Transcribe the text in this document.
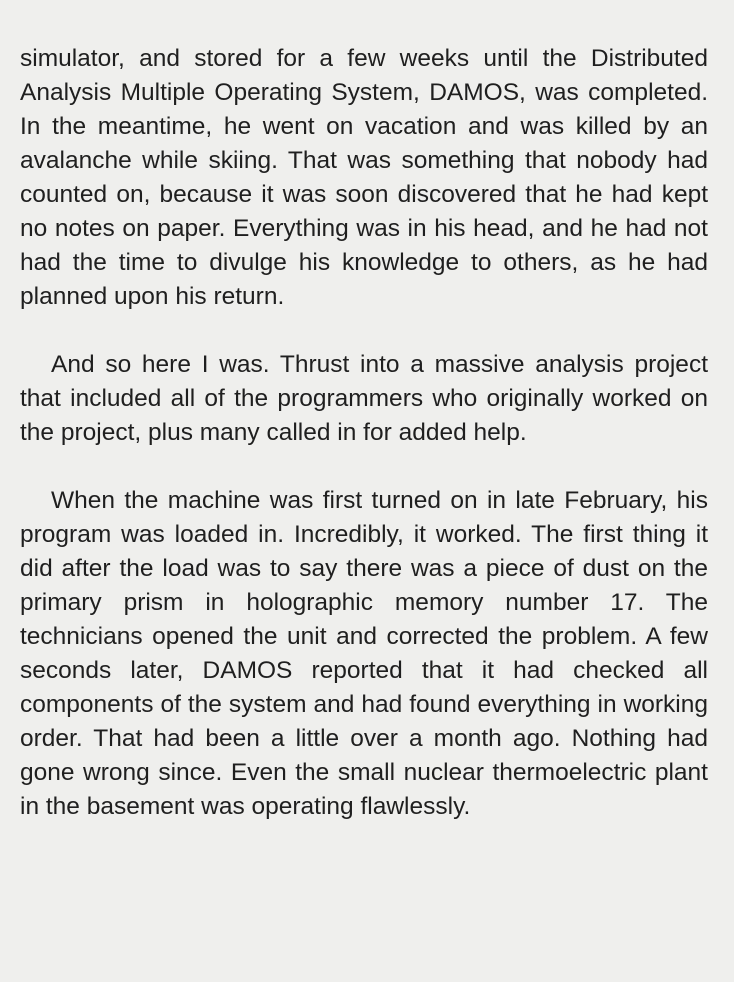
simulator, and stored for a few weeks until the Distributed Analysis Multiple Operating System, DAMOS, was completed. In the meantime, he went on vacation and was killed by an avalanche while skiing. That was something that nobody had counted on, because it was soon discovered that he had kept no notes on paper. Everything was in his head, and he had not had the time to divulge his knowledge to others, as he had planned upon his return.

And so here I was. Thrust into a massive analysis project that included all of the programmers who originally worked on the project, plus many called in for added help.

When the machine was first turned on in late February, his program was loaded in. Incredibly, it worked. The first thing it did after the load was to say there was a piece of dust on the primary prism in holographic memory number 17. The technicians opened the unit and corrected the problem. A few seconds later, DAMOS reported that it had checked all components of the system and had found everything in working order. That had been a little over a month ago. Nothing had gone wrong since. Even the small nuclear thermoelectric plant in the basement was operating flawlessly.
